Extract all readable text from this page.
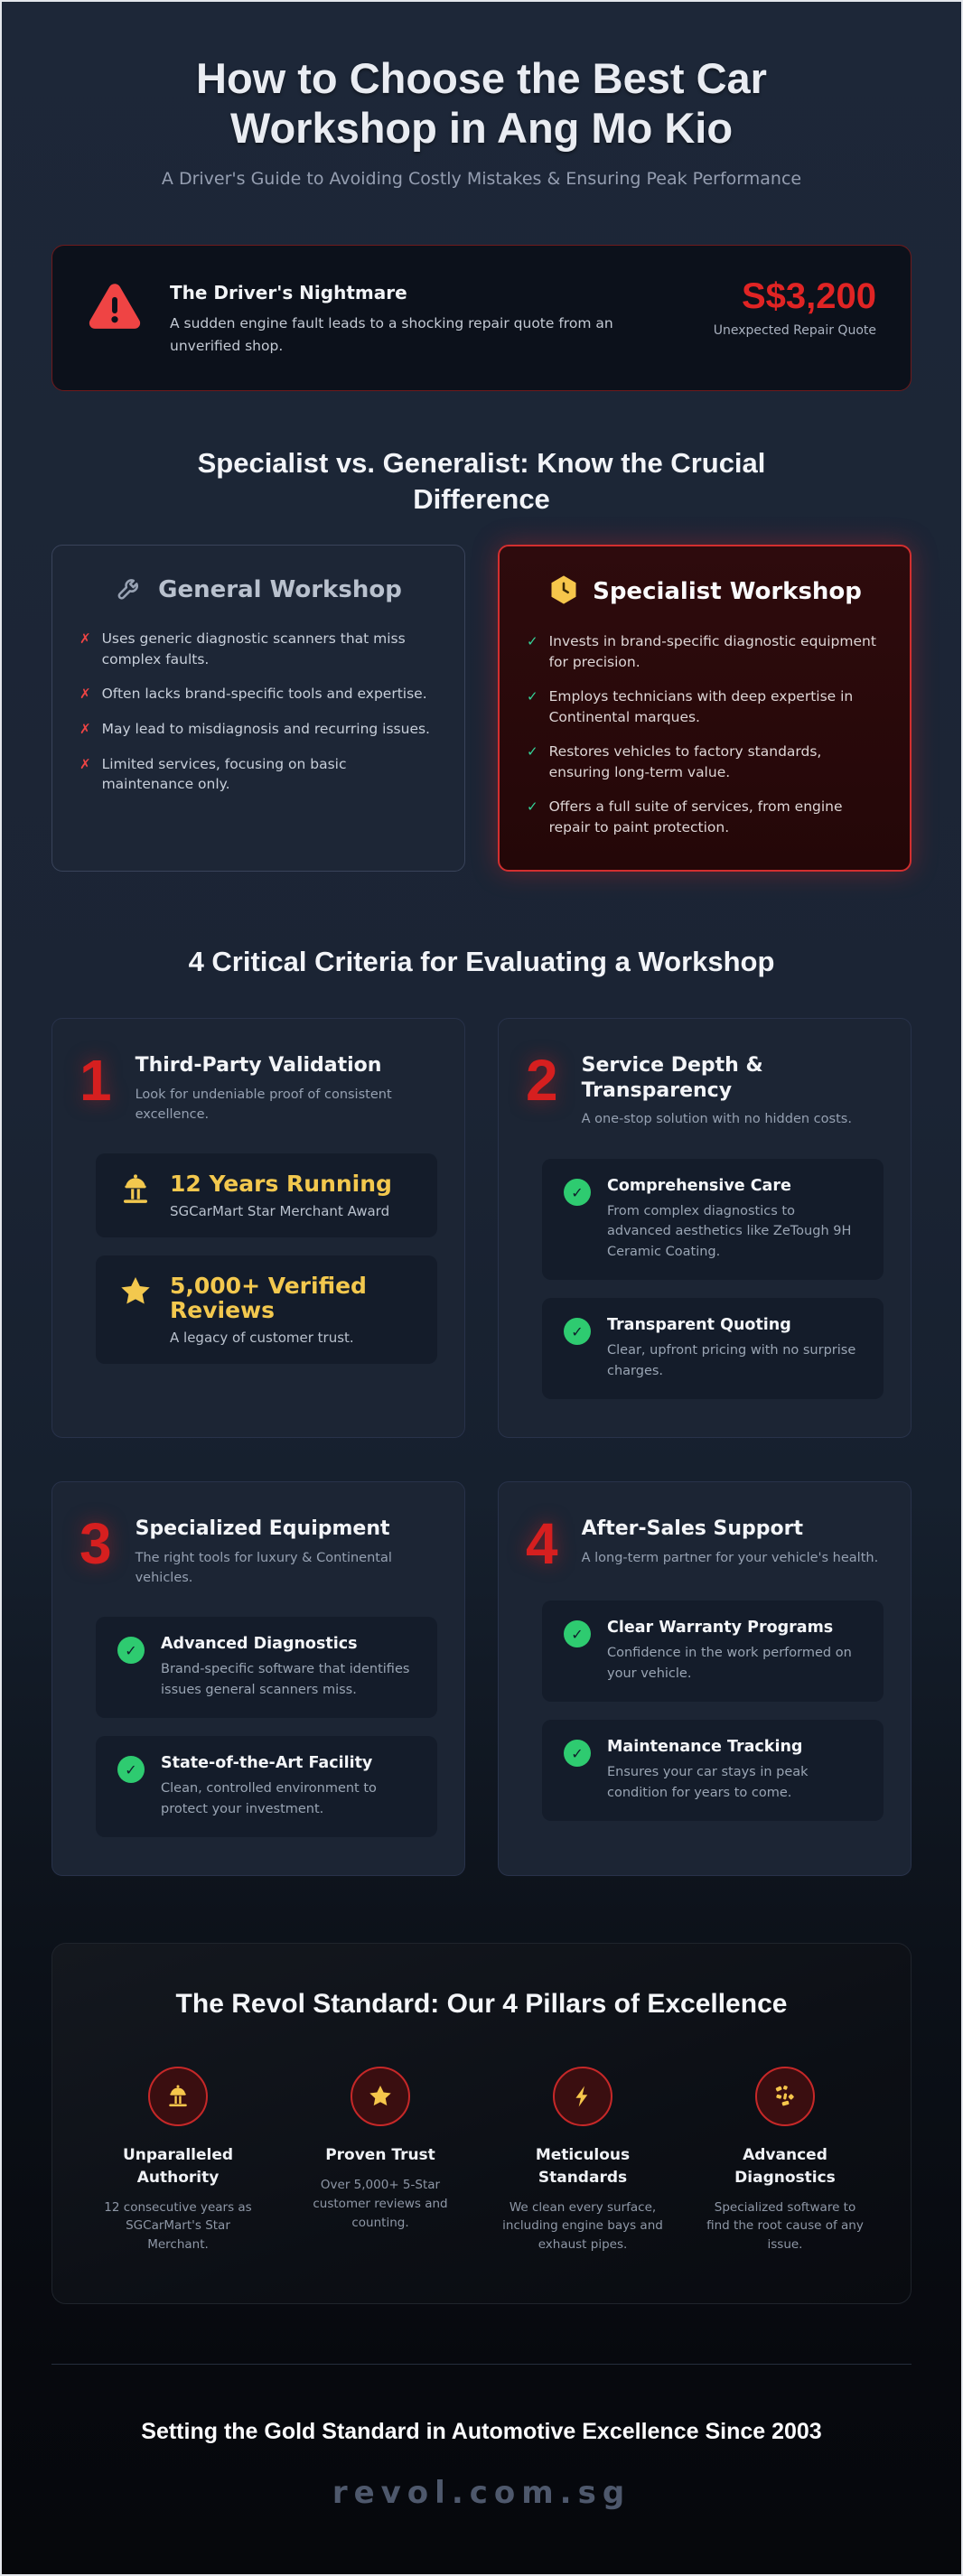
How to Choose the Best Car Workshop in Ang Mo Kio
A Driver's Guide to Avoiding Costly Mistakes & Ensuring Peak Performance
The Driver's Nightmare
A sudden engine fault leads to a shocking repair quote from an unverified shop.
S$3,200
Unexpected Repair Quote
Specialist vs. Generalist: Know the Crucial Difference
General Workshop
✗ Uses generic diagnostic scanners that miss complex faults.
✗ Often lacks brand-specific tools and expertise.
✗ May lead to misdiagnosis and recurring issues.
✗ Limited services, focusing on basic maintenance only.
Specialist Workshop
✓ Invests in brand-specific diagnostic equipment for precision.
✓ Employs technicians with deep expertise in Continental marques.
✓ Restores vehicles to factory standards, ensuring long-term value.
✓ Offers a full suite of services, from engine repair to paint protection.
4 Critical Criteria for Evaluating a Workshop
1 Third-Party Validation
Look for undeniable proof of consistent excellence.
12 Years Running
SGCarMart Star Merchant Award
5,000+ Verified Reviews
A legacy of customer trust.
2 Service Depth & Transparency
A one-stop solution with no hidden costs.
✓	Comprehensive Care
From complex diagnostics to advanced aesthetics like ZeTough 9H Ceramic Coating.
✓	Transparent Quoting
Clear, upfront pricing with no surprise charges.
3 Specialized Equipment
The right tools for luxury & Continental vehicles.
✓	Advanced Diagnostics
Brand-specific software that identifies issues general scanners miss.
✓	State-of-the-Art Facility
Clean, controlled environment to protect your investment.
4 After-Sales Support
A long-term partner for your vehicle's health.
✓	Clear Warranty Programs
Confidence in the work performed on your vehicle.
✓	Maintenance Tracking
Ensures your car stays in peak condition for years to come.
The Revol Standard: Our 4 Pillars of Excellence
Unparalleled Authority
12 consecutive years as SGCarMart's Star Merchant.
Proven Trust
Over 5,000+ 5-Star customer reviews and counting.
Meticulous Standards
We clean every surface, including engine bays and exhaust pipes.
Advanced Diagnostics
Specialized software to find the root cause of any issue.
Setting the Gold Standard in Automotive Excellence Since 2003
revol.com.sg
